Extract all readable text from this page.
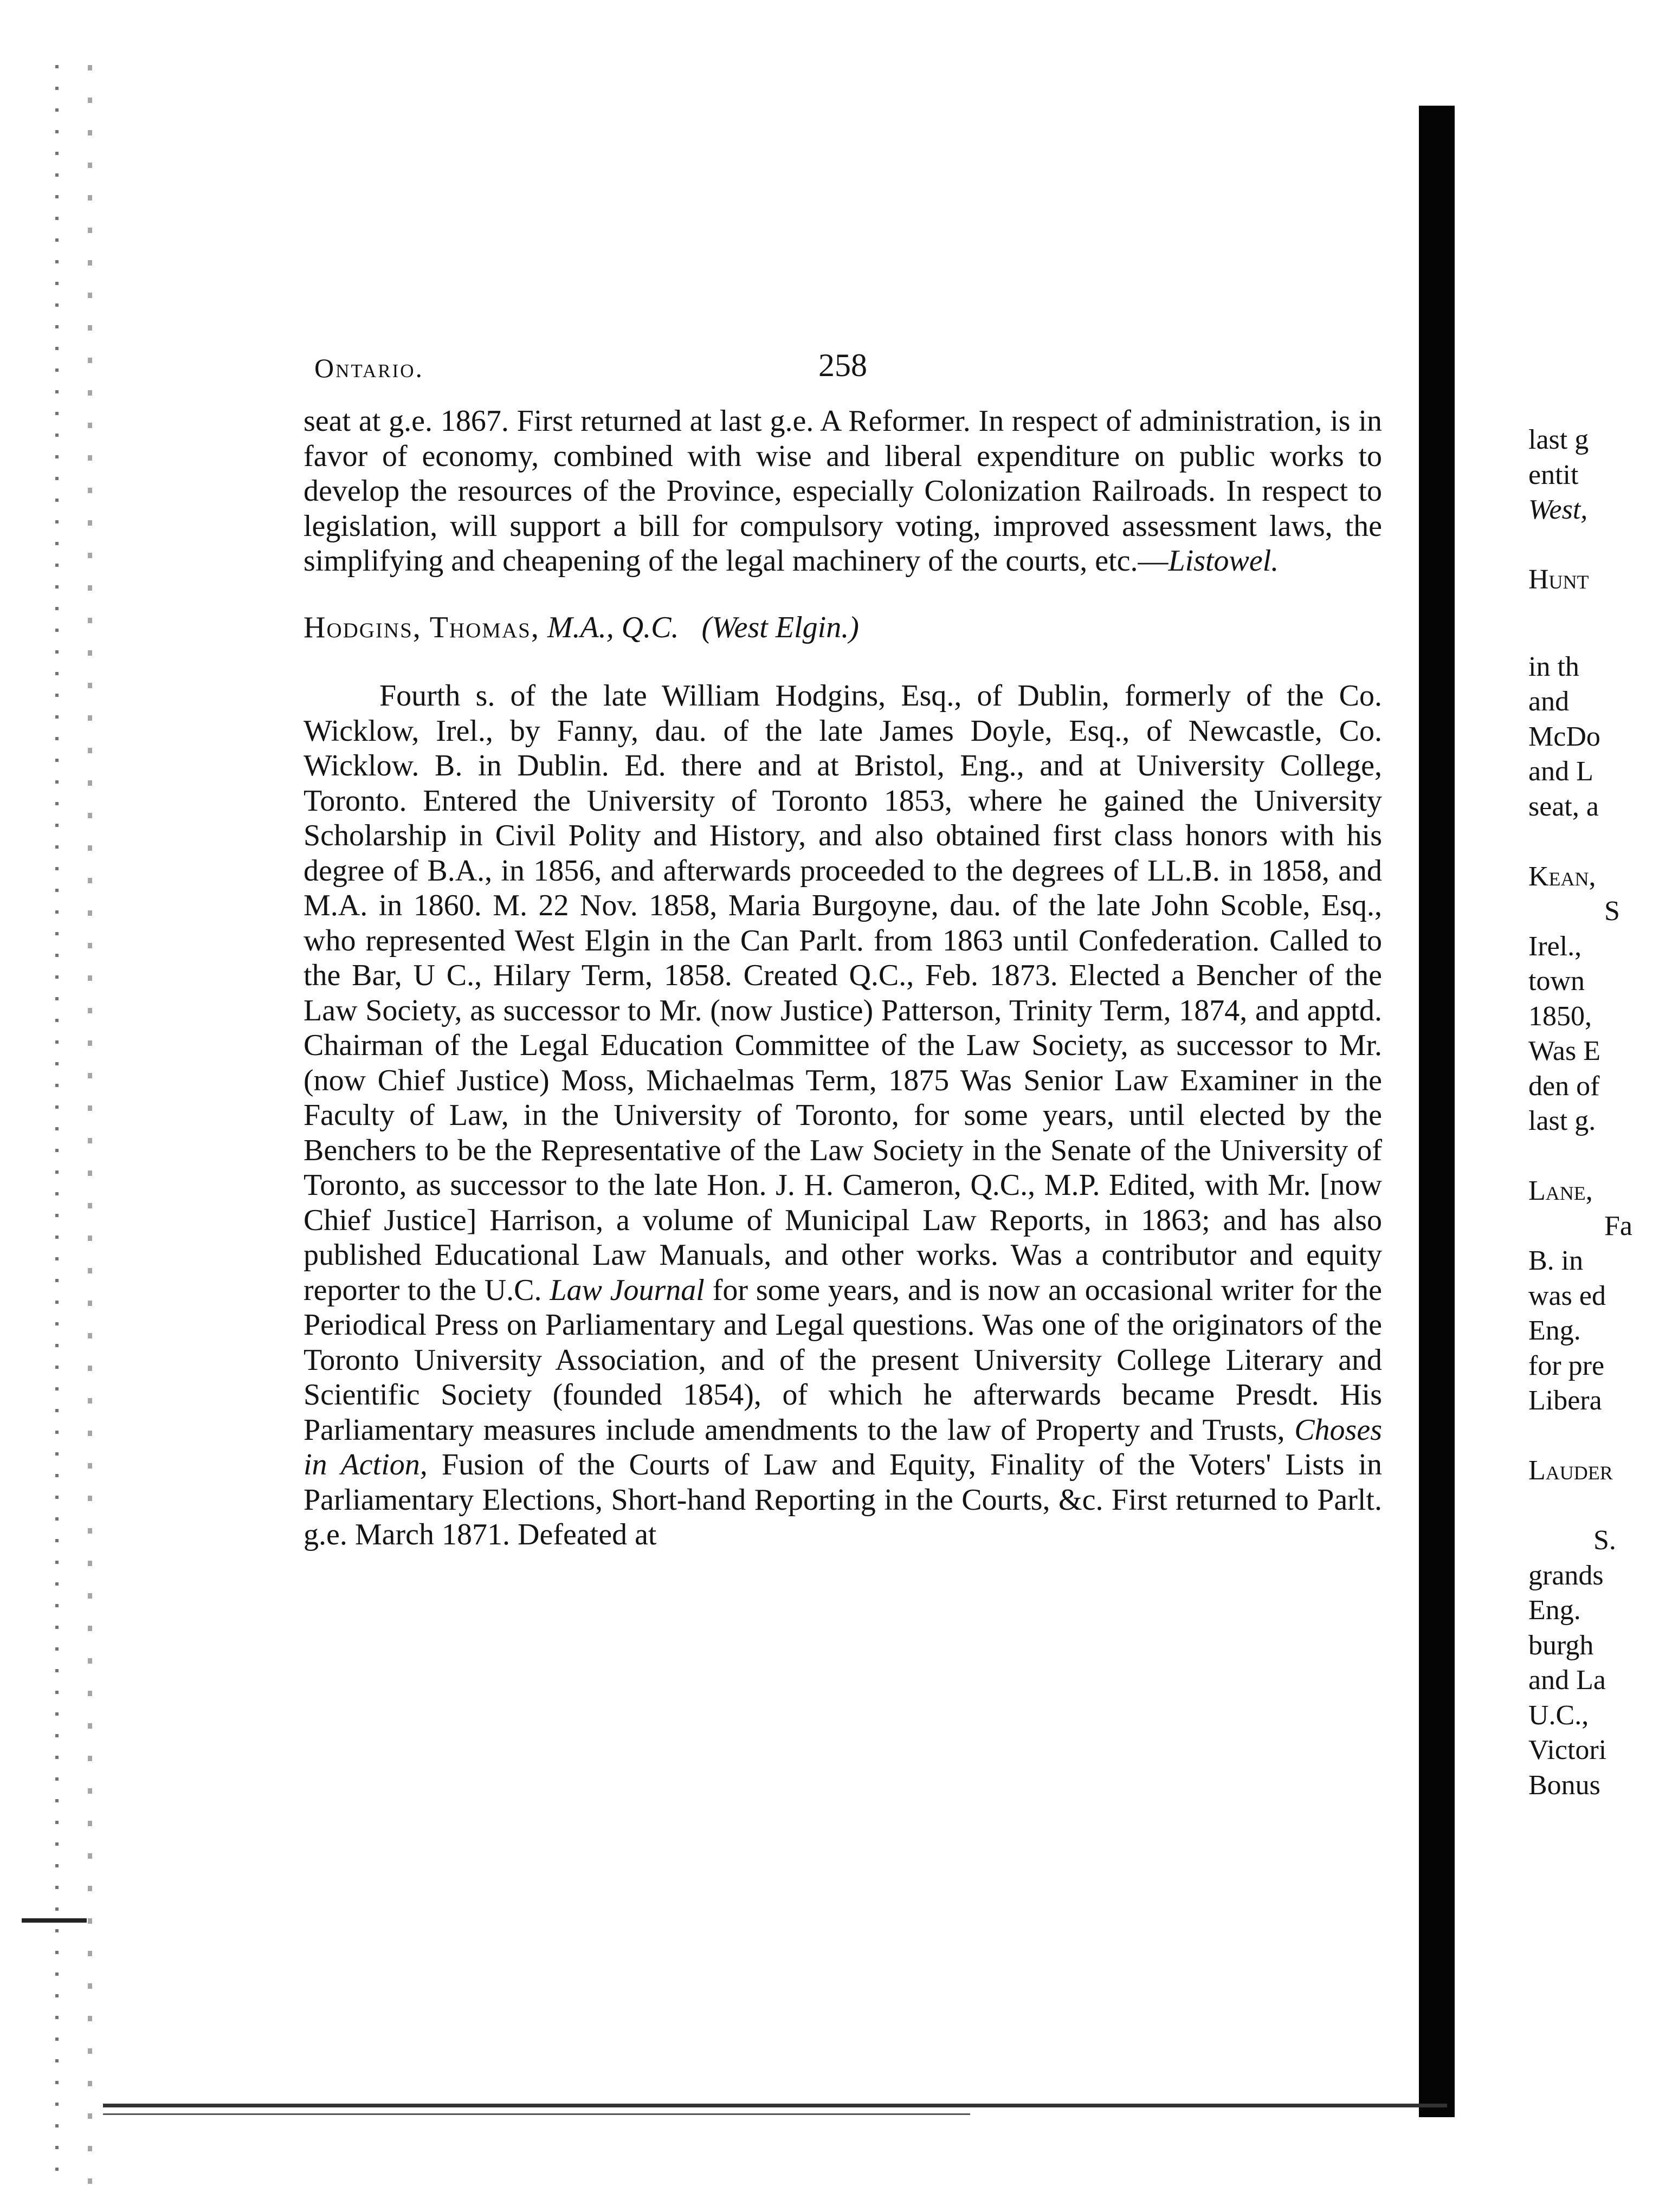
Ontario.	258

seat at g.e. 1867. First returned at last g.e. A Reformer. In respect of administration, is in favor of economy, combined with wise and liberal expenditure on public works to develop the resources of the Province, especially Colonization Railroads. In respect to legislation, will support a bill for compulsory voting, improved assessment laws, the simplifying and cheapening of the legal machinery of the courts, etc.—Listowel.

Hodgins, Thomas, M.A., Q.C. (West Elgin.)

Fourth s. of the late William Hodgins, Esq., of Dublin, formerly of the Co. Wicklow, Irel., by Fanny, dau. of the late James Doyle, Esq., of Newcastle, Co. Wicklow. B. in Dublin. Ed. there and at Bristol, Eng., and at University College, Toronto. Entered the University of Toronto 1853, where he gained the University Scholarship in Civil Polity and History, and also obtained first class honors with his degree of B.A., in 1856, and afterwards proceeded to the degrees of LL.B. in 1858, and M.A. in 1860. M. 22 Nov. 1858, Maria Burgoyne, dau. of the late John Scoble, Esq., who represented West Elgin in the Can Parlt. from 1863 until Confederation. Called to the Bar, U C., Hilary Term, 1858. Created Q.C., Feb. 1873. Elected a Bencher of the Law Society, as successor to Mr. (now Justice) Patterson, Trinity Term, 1874, and apptd. Chairman of the Legal Education Committee of the Law Society, as successor to Mr. (now Chief Justice) Moss, Michaelmas Term, 1875 Was Senior Law Examiner in the Faculty of Law, in the University of Toronto, for some years, until elected by the Benchers to be the Representative of the Law Society in the Senate of the University of Toronto, as successor to the late Hon. J. H. Cameron, Q.C., M.P. Edited, with Mr. [now Chief Justice] Harrison, a volume of Municipal Law Reports, in 1863; and has also published Educational Law Manuals, and other works. Was a contributor and equity reporter to the U.C. Law Journal for some years, and is now an occasional writer for the Periodical Press on Parliamentary and Legal questions. Was one of the originators of the Toronto University Association, and of the present University College Literary and Scientific Society (founded 1854), of which he afterwards became Presdt. His Parliamentary measures include amendments to the law of Property and Trusts, Choses in Action, Fusion of the Courts of Law and Equity, Finality of the Voters' Lists in Parliamentary Elections, Short-hand Reporting in the Courts, &c. First returned to Parlt. g.e. March 1871. Defeated at

last g

entit

West,

Hunt

in th

and

McDo

and L

seat, a

Kean,

S

Irel.,

town

1850,

Was E

den of

last g.

Lane,

Fa

B. in

was ed

Eng.

for pre

Libera

Lauder

S.

grands

Eng.

burgh

and La

U.C.,

Victori

Bonus
